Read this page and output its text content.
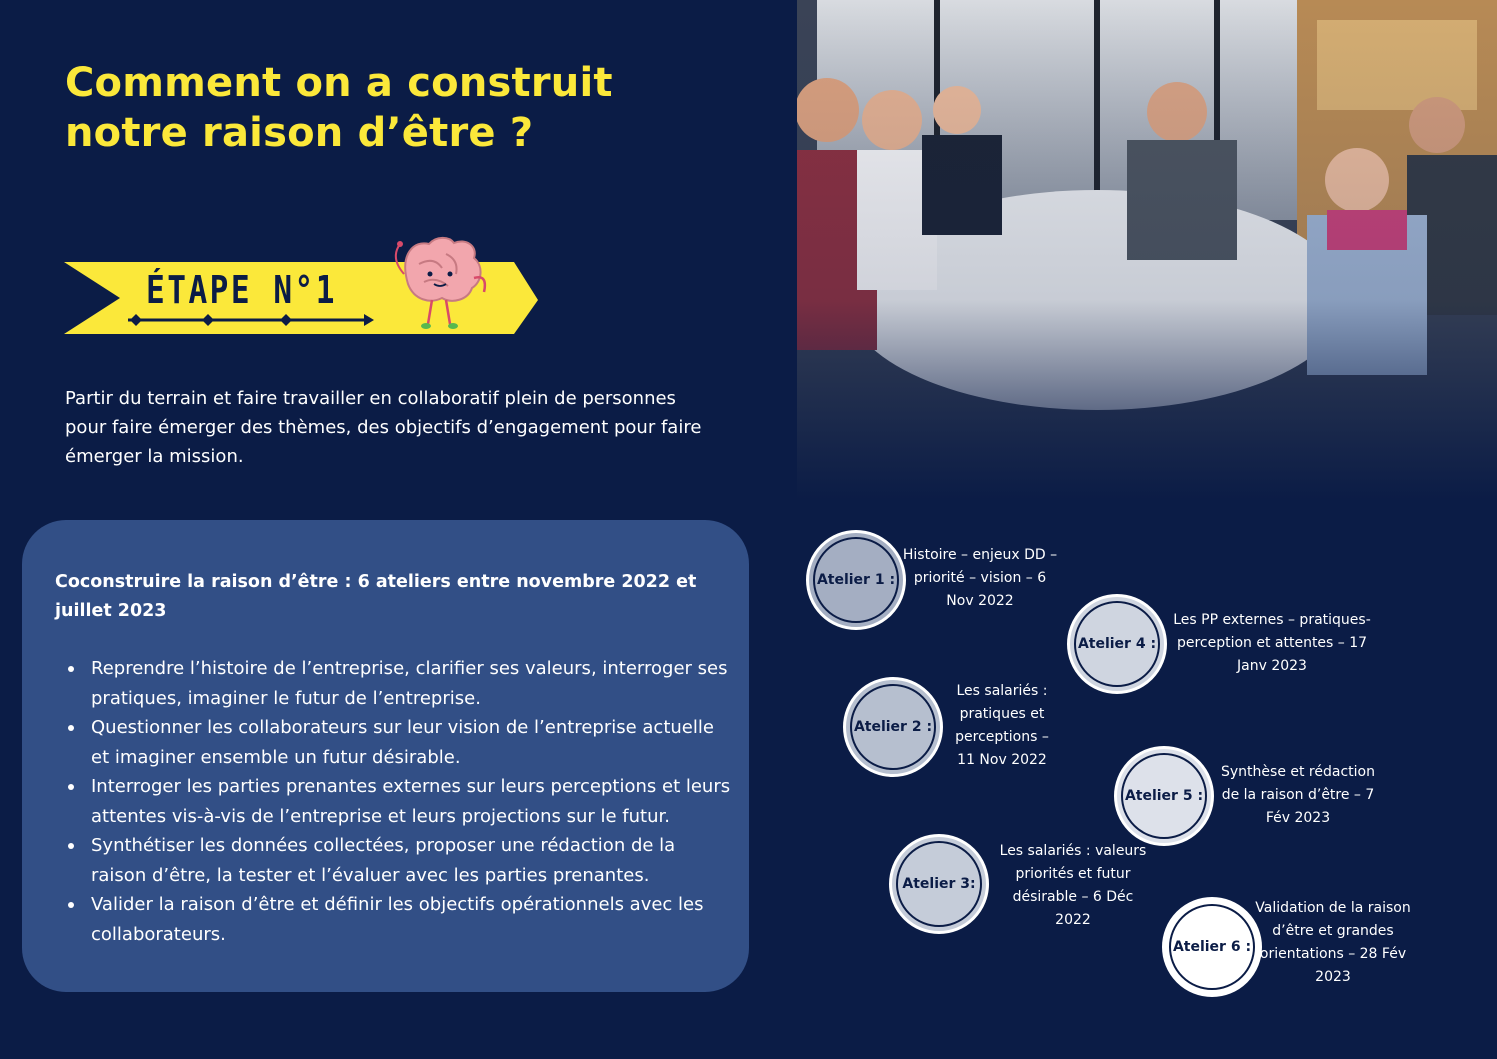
Comment on a construit
notre raison d’être ?
ÉTAPE N°1

Partir du terrain et faire travailler en collaboratif plein de personnes pour faire émerger des thèmes, des objectifs d’engagement pour faire émerger la mission.

Coconstruire la raison d’être : 6 ateliers entre novembre 2022 et juillet 2023
Reprendre l’histoire de l’entreprise, clarifier ses valeurs, interroger ses pratiques, imaginer le futur de l’entreprise.
Questionner les collaborateurs sur leur vision de l’entreprise actuelle et imaginer ensemble un futur désirable.
Interroger les parties prenantes externes sur leurs perceptions et leurs attentes vis-à-vis de l’entreprise et leurs projections sur le futur.
Synthétiser les données collectées, proposer une rédaction de la raison d’être, la tester et l’évaluer avec les parties prenantes.
Valider la raison d’être et définir les objectifs opérationnels avec les collaborateurs.
Atelier 1 :
Histoire – enjeux DD – priorité – vision – 6 Nov 2022
Atelier 4 :
Les PP externes – pratiques-perception et attentes – 17 Janv 2023
Atelier 2 :
Les salariés : pratiques et perceptions – 11 Nov 2022
Atelier 5 :
Synthèse et rédaction de la raison d’être – 7 Fév 2023
Atelier 3:
Les salariés : valeurs priorités et futur désirable – 6 Déc 2022
Atelier 6 :
Validation de la raison d’être et grandes orientations – 28 Fév 2023
